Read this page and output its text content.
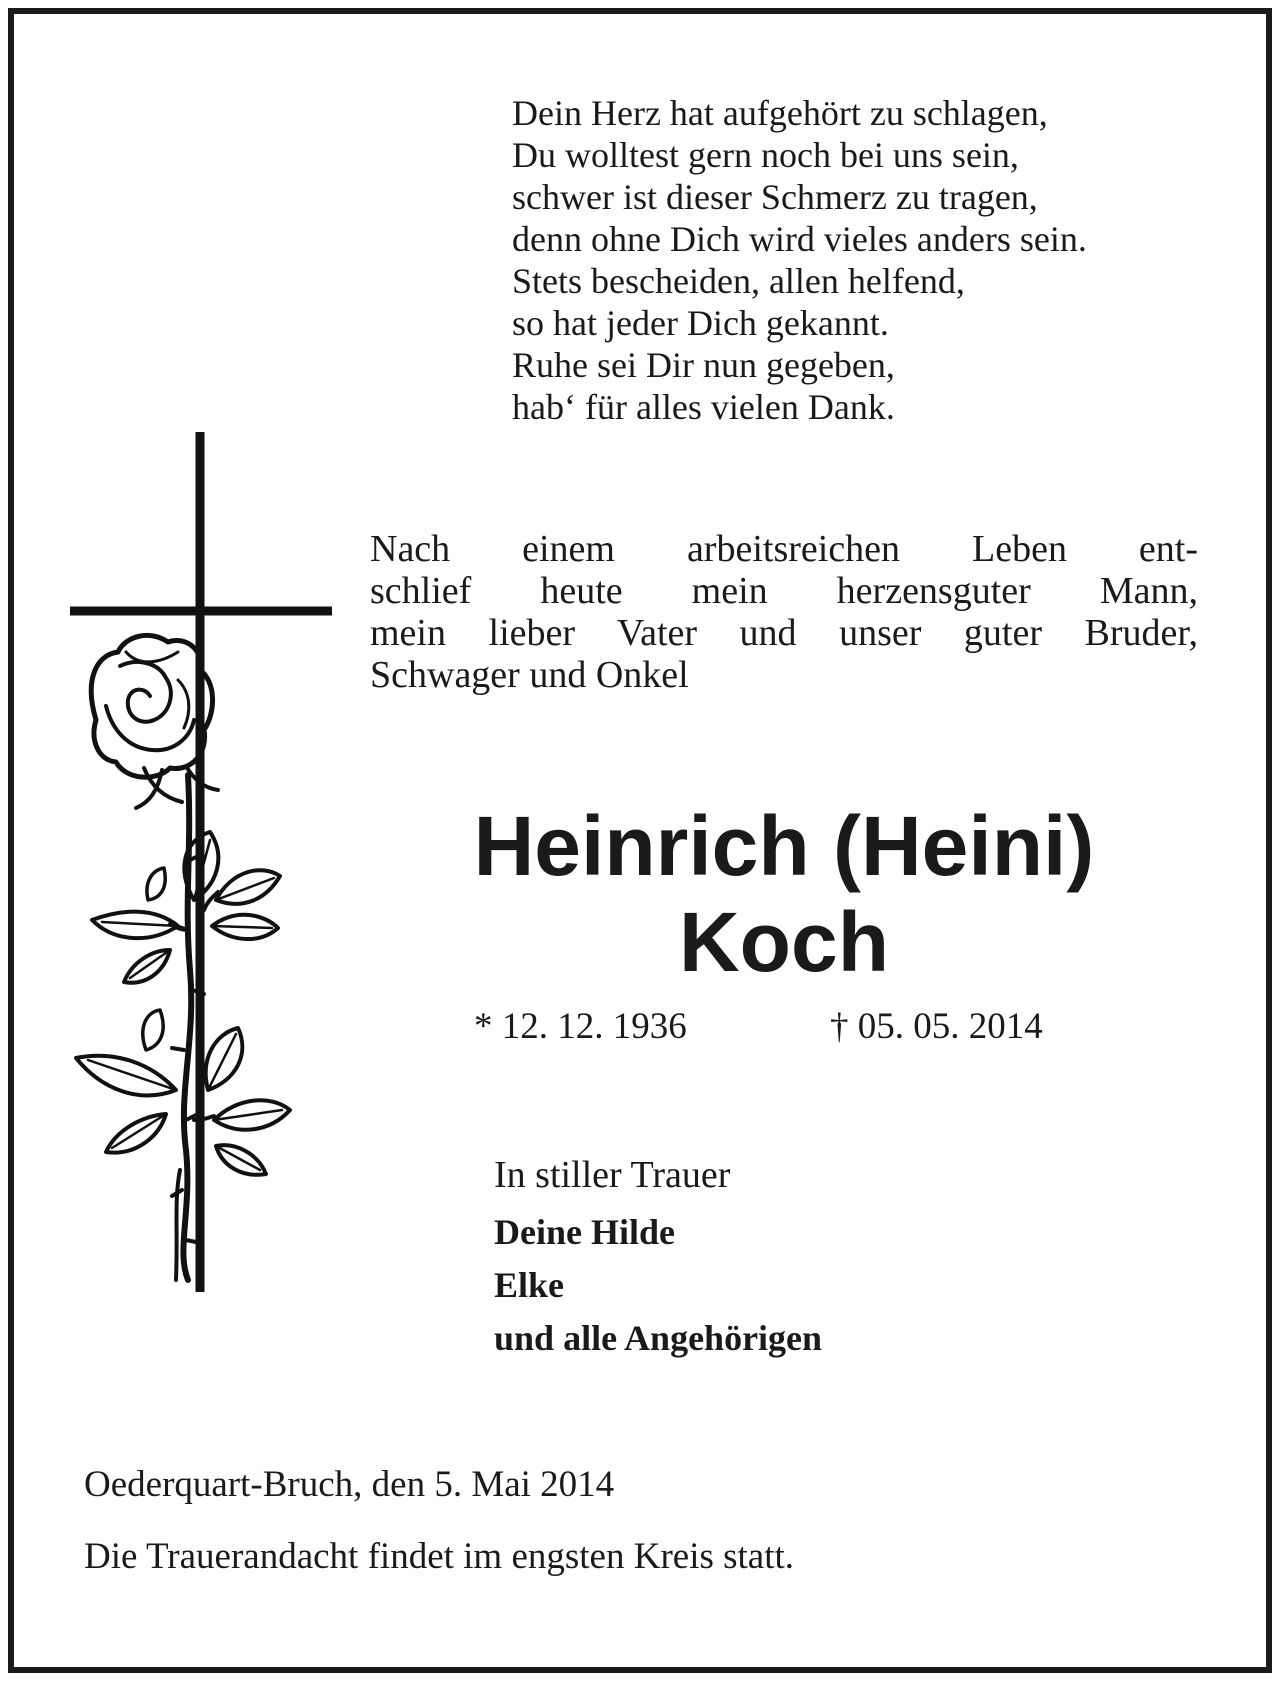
Dein Herz hat aufgehört zu schlagen,
Du wolltest gern noch bei uns sein,
schwer ist dieser Schmerz zu tragen,
denn ohne Dich wird vieles anders sein.
Stets bescheiden, allen helfend,
so hat jeder Dich gekannt.
Ruhe sei Dir nun gegeben,
hab‘ für alles vielen Dank.
Nach einem arbeitsreichen Leben ent-
schlief heute mein herzensguter Mann,
mein lieber Vater und unser guter Bruder,
Schwager und Onkel
Heinrich (Heini)
Koch
* 12. 12. 1936	† 05. 05. 2014
In stiller Trauer
Deine Hilde
Elke
und alle Angehörigen
Oederquart-Bruch, den 5. Mai 2014
Die Trauerandacht findet im engsten Kreis statt.
